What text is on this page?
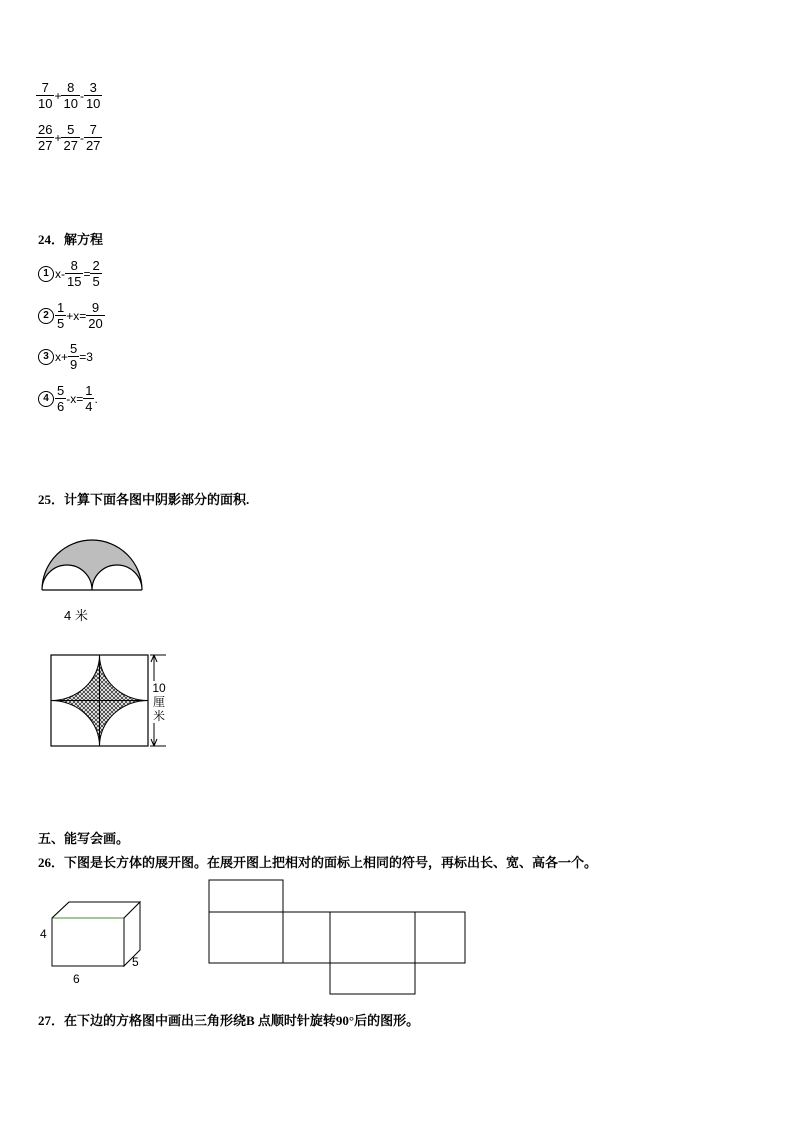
$\frac{7}{10} + \frac{8}{10} - \frac{3}{10}$
$\frac{26}{27} + \frac{5}{27} - \frac{7}{27}$
24．解方程
1 $x- \frac{8}{15} = \frac{2}{5}$
$2 \frac{1}{5} +x= \frac{9}{20}$
3 $x+ \frac{5}{9} =3$
$4 \frac{5}{6} -x= \frac{1}{4}$ .
25．计算下面各图中阴影部分的面积.
4 米
10
厘
米
五、能写会画。
26．下图是长方体的展开图。在展开图上把相对的面标上相同的符号，再标出长、宽、高各一个。
4
6
5
27．在下边的方格图中画出三角形绕B 点顺时针旋转90°后的图形。
